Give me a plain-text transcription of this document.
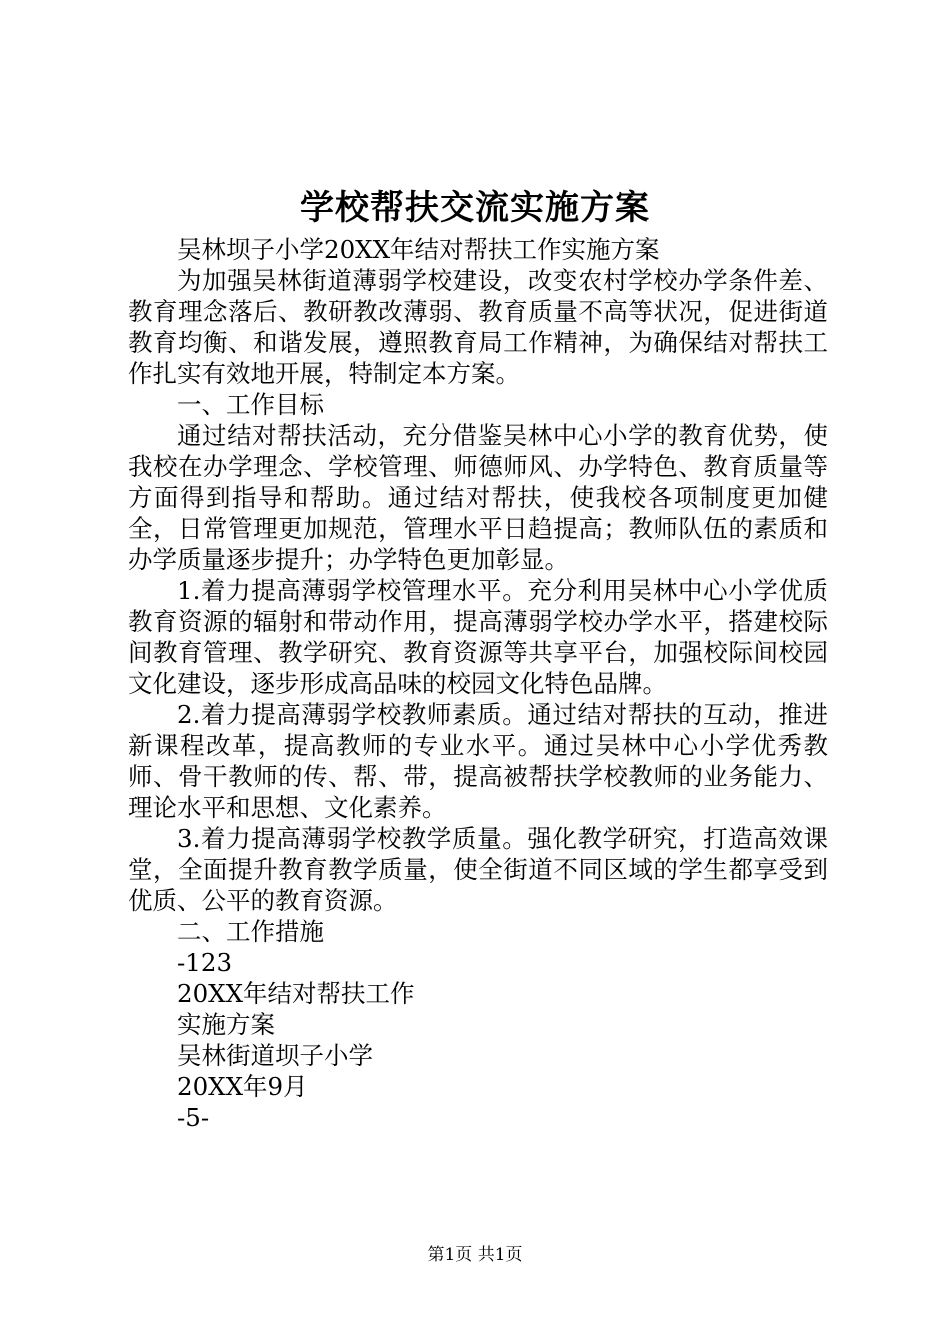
学校帮扶交流实施方案

吴林坝子小学20XX年结对帮扶工作实施方案

为加强吴林街道薄弱学校建设，改变农村学校办学条件差、教育理念落后、教研教改薄弱、教育质量不高等状况，促进街道教育均衡、和谐发展，遵照教育局工作精神，为确保结对帮扶工作扎实有效地开展，特制定本方案。

一、工作目标

通过结对帮扶活动，充分借鉴吴林中心小学的教育优势，使我校在办学理念、学校管理、师德师风、办学特色、教育质量等方面得到指导和帮助。通过结对帮扶，使我校各项制度更加健全，日常管理更加规范，管理水平日趋提高；教师队伍的素质和办学质量逐步提升；办学特色更加彰显。

1.着力提高薄弱学校管理水平。充分利用吴林中心小学优质教育资源的辐射和带动作用，提高薄弱学校办学水平，搭建校际间教育管理、教学研究、教育资源等共享平台，加强校际间校园文化建设，逐步形成高品味的校园文化特色品牌。

2.着力提高薄弱学校教师素质。通过结对帮扶的互动，推进新课程改革，提高教师的专业水平。通过吴林中心小学优秀教师、骨干教师的传、帮、带，提高被帮扶学校教师的业务能力、理论水平和思想、文化素养。

3.着力提高薄弱学校教学质量。强化教学研究，打造高效课堂，全面提升教育教学质量，使全街道不同区域的学生都享受到优质、公平的教育资源。

二、工作措施

-123
20XX年结对帮扶工作
实施方案
吴林街道坝子小学
20XX年9月
-5-
第1页 共1页
